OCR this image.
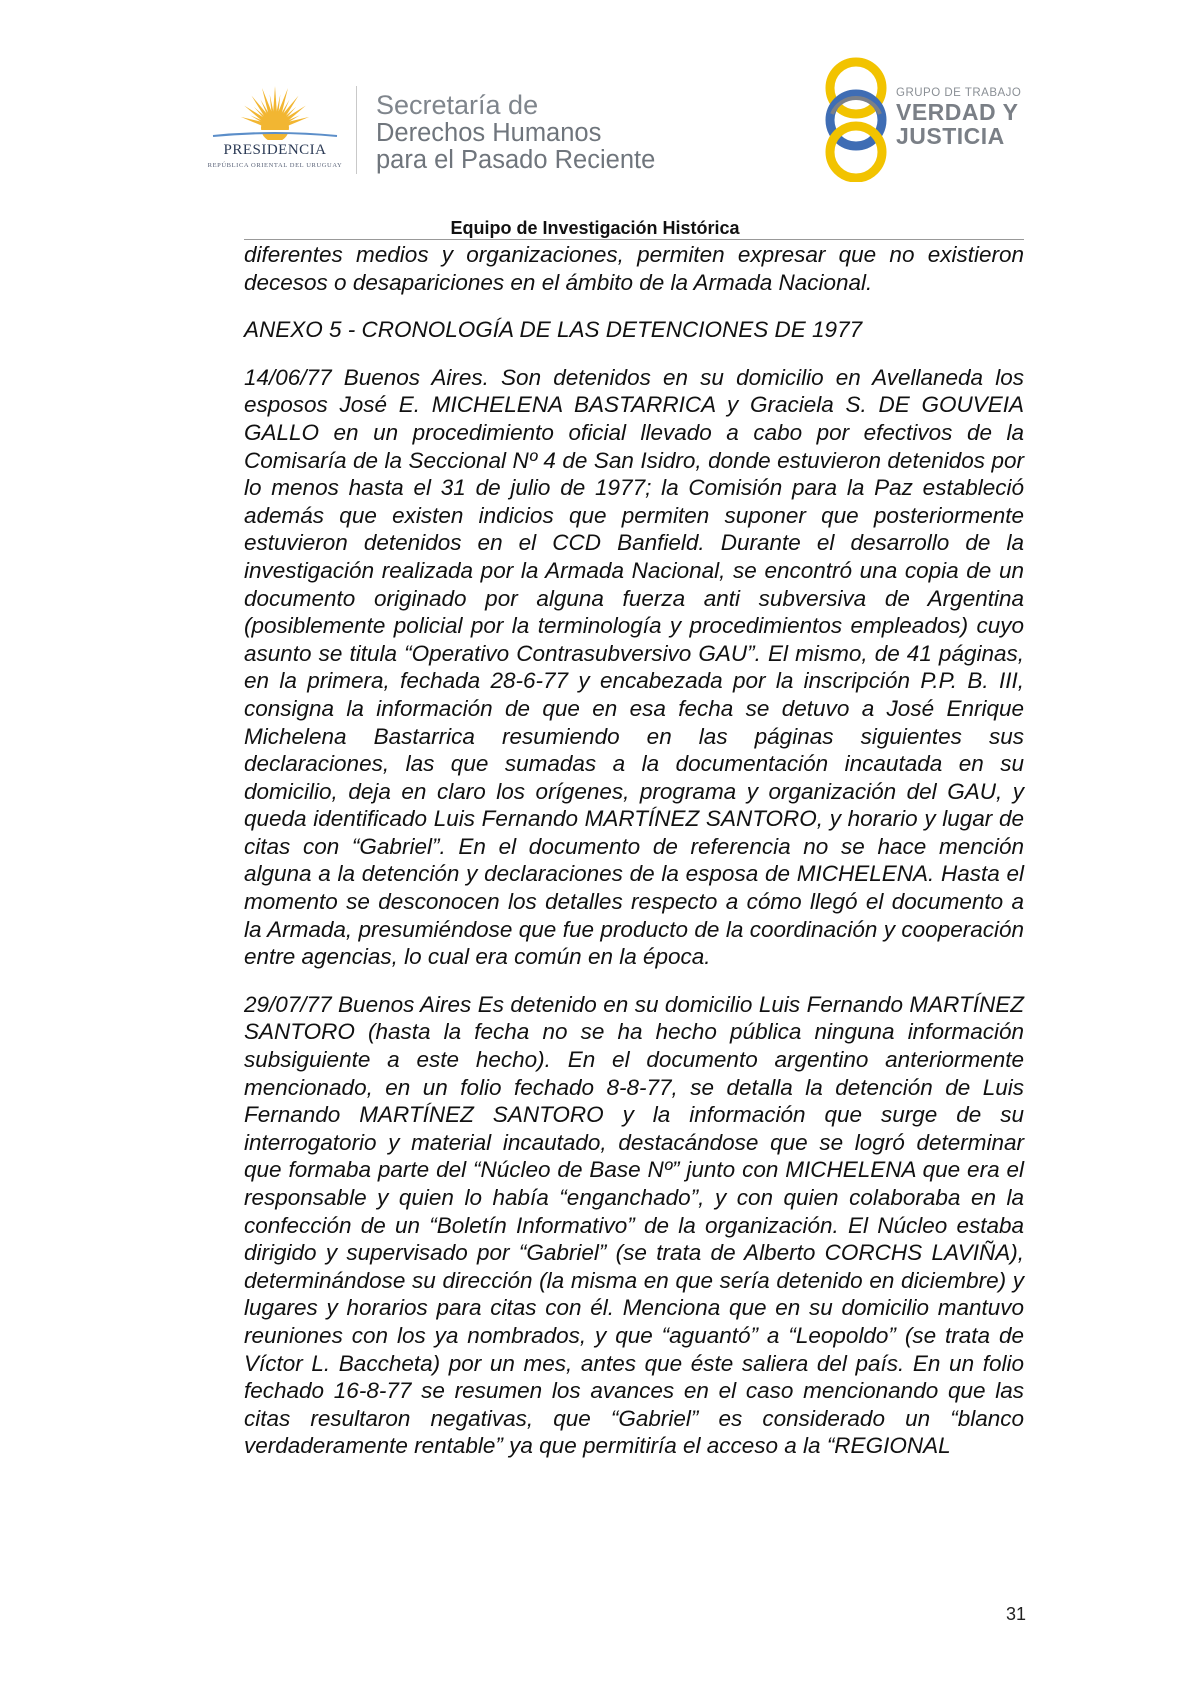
PRESIDENCIA
REPÚBLICA ORIENTAL DEL URUGUAY
Secretaría de
Derechos Humanos
para el Pasado Reciente
GRUPO DE TRABAJO
VERDAD Y
JUSTICIA
Equipo de Investigación Histórica

diferentes medios y organizaciones, permiten expresar que no existieron decesos o desapariciones en el ámbito de la Armada Nacional.

ANEXO 5 - CRONOLOGÍA DE LAS DETENCIONES DE 1977

14/06/77 Buenos Aires. Son detenidos en su domicilio en Avellaneda los esposos José E. MICHELENA BASTARRICA y Graciela S. DE GOUVEIA GALLO en un procedimiento oficial llevado a cabo por efectivos de la Comisaría de la Seccional Nº 4 de San Isidro, donde estuvieron detenidos por lo menos hasta el 31 de julio de 1977; la Comisión para la Paz estableció además que existen indicios que permiten suponer que posteriormente estuvieron detenidos en el CCD Banfield. Durante el desarrollo de la investigación realizada por la Armada Nacional, se encontró una copia de un documento originado por alguna fuerza anti subversiva de Argentina (posiblemente policial por la terminología y procedimientos empleados) cuyo asunto se titula “Operativo Contrasubversivo GAU”. El mismo, de 41 páginas, en la primera, fechada 28-6-77 y encabezada por la inscripción P.P. B. III, consigna la información de que en esa fecha se detuvo a José Enrique Michelena Bastarrica resumiendo en las páginas siguientes sus declaraciones, las que sumadas a la documentación incautada en su domicilio, deja en claro los orígenes, programa y organización del GAU, y queda identificado Luis Fernando MARTÍNEZ SANTORO, y horario y lugar de citas con “Gabriel”. En el documento de referencia no se hace mención alguna a la detención y declaraciones de la esposa de MICHELENA. Hasta el momento se desconocen los detalles respecto a cómo llegó el documento a la Armada, presumiéndose que fue producto de la coordinación y cooperación entre agencias, lo cual era común en la época.

29/07/77 Buenos Aires Es detenido en su domicilio Luis Fernando MARTÍNEZ SANTORO (hasta la fecha no se ha hecho pública ninguna información subsiguiente a este hecho). En el documento argentino anteriormente mencionado, en un folio fechado 8-8-77, se detalla la detención de Luis Fernando MARTÍNEZ SANTORO y la información que surge de su interrogatorio y material incautado, destacándose que se logró determinar que formaba parte del “Núcleo de Base Nº” junto con MICHELENA que era el responsable y quien lo había “enganchado”, y con quien colaboraba en la confección de un “Boletín Informativo” de la organización. El Núcleo estaba dirigido y supervisado por “Gabriel” (se trata de Alberto CORCHS LAVIÑA), determinándose su dirección (la misma en que sería detenido en diciembre) y lugares y horarios para citas con él. Menciona que en su domicilio mantuvo reuniones con los ya nombrados, y que “aguantó” a “Leopoldo” (se trata de Víctor L. Baccheta) por un mes, antes que éste saliera del país. En un folio fechado 16-8-77 se resumen los avances en el caso mencionando que las citas resultaron negativas, que “Gabriel” es considerado un “blanco verdaderamente rentable” ya que permitiría el acceso a la “REGIONAL

31
